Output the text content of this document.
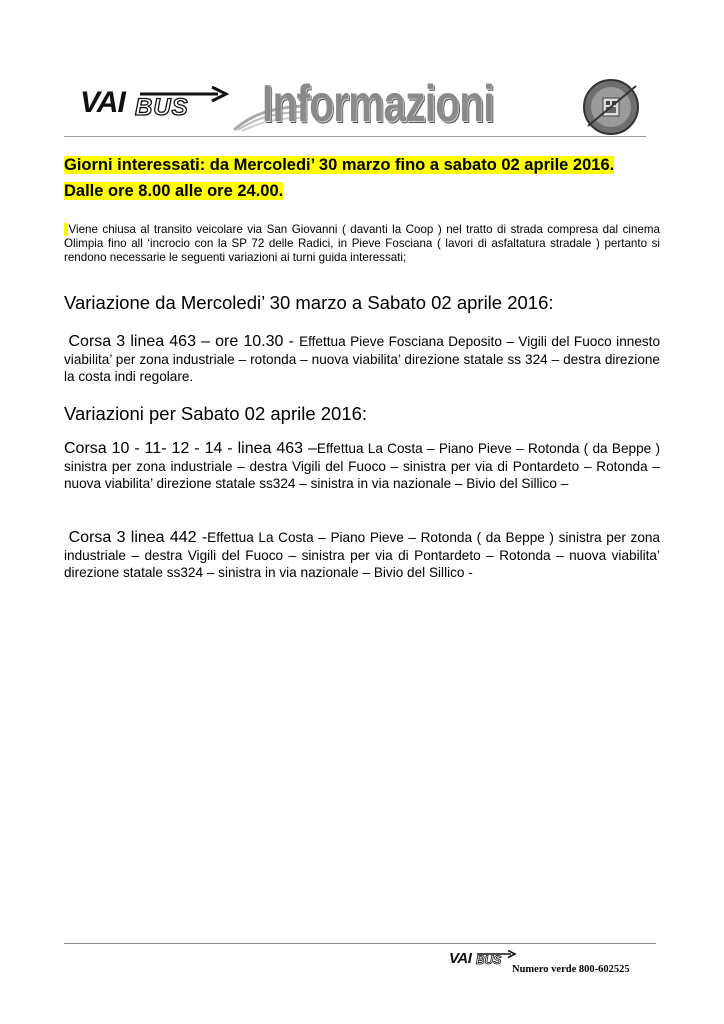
VAI BUS Informazioni
Giorni interessati: da Mercoledi’ 30 marzo fino a sabato 02 aprile 2016.
Dalle ore 8.00 alle ore 24.00.
Viene chiusa al transito veicolare via San Giovanni ( davanti la Coop ) nel tratto di strada compresa dal cinema Olimpia fino all ‘incrocio con la SP 72 delle Radici, in Pieve Fosciana ( lavori di asfaltatura stradale ) pertanto si rendono necessarie le seguenti variazioni ai turni guida interessati;
Variazione da Mercoledi’ 30 marzo a Sabato 02 aprile 2016:
Corsa 3 linea 463 – ore 10.30 - Effettua Pieve Fosciana Deposito – Vigili del Fuoco innesto viabilita’ per zona industriale – rotonda – nuova viabilita’ direzione statale ss 324 – destra direzione la costa indi regolare.
Variazioni per Sabato 02 aprile 2016:
Corsa 10 - 11- 12 - 14 - linea 463 –Effettua La Costa – Piano Pieve – Rotonda ( da Beppe ) sinistra per zona industriale – destra Vigili del Fuoco – sinistra per via di Pontardeto – Rotonda – nuova viabilita’ direzione statale ss324 – sinistra in via nazionale – Bivio del Sillico –
Corsa 3 linea 442 -Effettua La Costa – Piano Pieve – Rotonda ( da Beppe ) sinistra per zona industriale – destra Vigili del Fuoco – sinistra per via di Pontardeto – Rotonda – nuova viabilita’ direzione statale ss324 – sinistra in via nazionale – Bivio del Sillico -
VAI BUS
Numero verde 800-602525
